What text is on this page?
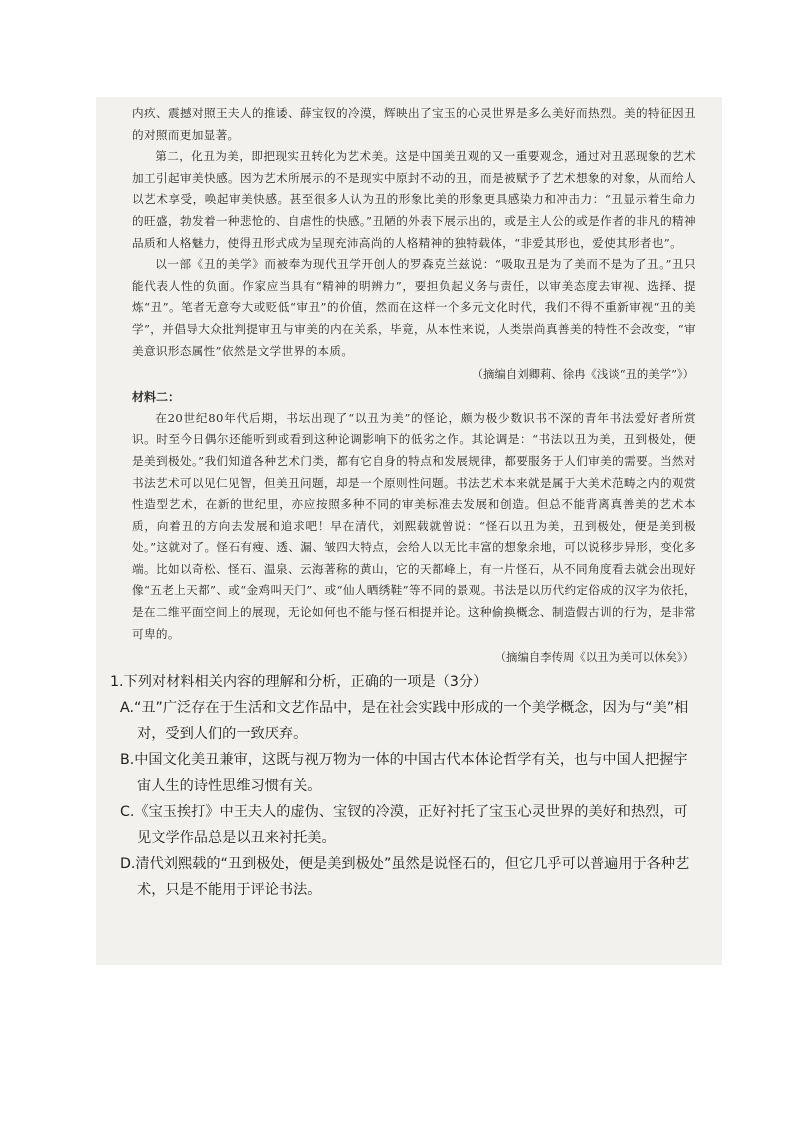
内疚、震撼对照王夫人的推诿、薛宝钗的冷漠，辉映出了宝玉的心灵世界是多么美好而热烈。美的特征因丑的对照而更加显著。

第二，化丑为美，即把现实丑转化为艺术美。这是中国美丑观的又一重要观念，通过对丑恶现象的艺术加工引起审美快感。因为艺术所展示的不是现实中原封不动的丑，而是被赋予了艺术想象的对象，从而给人以艺术享受，唤起审美快感。甚至很多人认为丑的形象比美的形象更具感染力和冲击力：“丑显示着生命力的旺盛，勃发着一种悲怆的、自虐性的快感。”丑陋的外表下展示出的，或是主人公的或是作者的非凡的精神品质和人格魅力，使得丑形式成为呈现充沛高尚的人格精神的独特载体，“非爱其形也，爱使其形者也”。

以一部《丑的美学》而被奉为现代丑学开创人的罗森克兰兹说：“吸取丑是为了美而不是为了丑。”丑只能代表人性的负面。作家应当具有“精神的明辨力”，要担负起义务与责任，以审美态度去审视、选择、提炼“丑”。笔者无意夸大或贬低“审丑”的价值，然而在这样一个多元文化时代，我们不得不重新审视“丑的美学”，并倡导大众批判提审丑与审美的内在关系，毕竟，从本性来说，人类崇尚真善美的特性不会改变，“审美意识形态属性”依然是文学世界的本质。

（摘编自刘卿莉、徐冉《浅谈“丑的美学”》）

材料二：

在20世纪80年代后期，书坛出现了“以丑为美”的怪论，颇为极少数识书不深的青年书法爱好者所赏识。时至今日偶尔还能听到或看到这种论调影响下的低劣之作。其论调是：“书法以丑为美，丑到极处，便是美到极处。”我们知道各种艺术门类，都有它自身的特点和发展规律，都要服务于人们审美的需要。当然对书法艺术可以见仁见智，但美丑问题，却是一个原则性问题。书法艺术本来就是属于大美术范畴之内的观赏性造型艺术，在新的世纪里，亦应按照多种不同的审美标准去发展和创造。但总不能背离真善美的艺术本质，向着丑的方向去发展和追求吧！早在清代，刘熙载就曾说：“怪石以丑为美，丑到极处，便是美到极处。”这就对了。怪石有瘦、透、漏、皱四大特点，会给人以无比丰富的想象余地，可以说移步异形，变化多端。比如以奇松、怪石、温泉、云海著称的黄山，它的天都峰上，有一片怪石，从不同角度看去就会出现好像“五老上天都”、或“金鸡叫天门”、或“仙人晒绣鞋”等不同的景观。书法是以历代约定俗成的汉字为依托，是在二维平面空间上的展现，无论如何也不能与怪石相提并论。这种偷换概念、制造假古训的行为，是非常可卑的。

（摘编自李传周《以丑为美可以休矣》）

1.下列对材料相关内容的理解和分析，正确的一项是（3分）

A.“丑”广泛存在于生活和文艺作品中，是在社会实践中形成的一个美学概念，因为与“美”相对，受到人们的一致厌弃。

B.中国文化美丑兼审，这既与视万物为一体的中国古代本体论哲学有关，也与中国人把握宇宙人生的诗性思维习惯有关。

C.《宝玉挨打》中王夫人的虚伪、宝钗的冷漠，正好衬托了宝玉心灵世界的美好和热烈，可见文学作品总是以丑来衬托美。

D.清代刘熙载的“丑到极处，便是美到极处”虽然是说怪石的，但它几乎可以普遍用于各种艺术，只是不能用于评论书法。
